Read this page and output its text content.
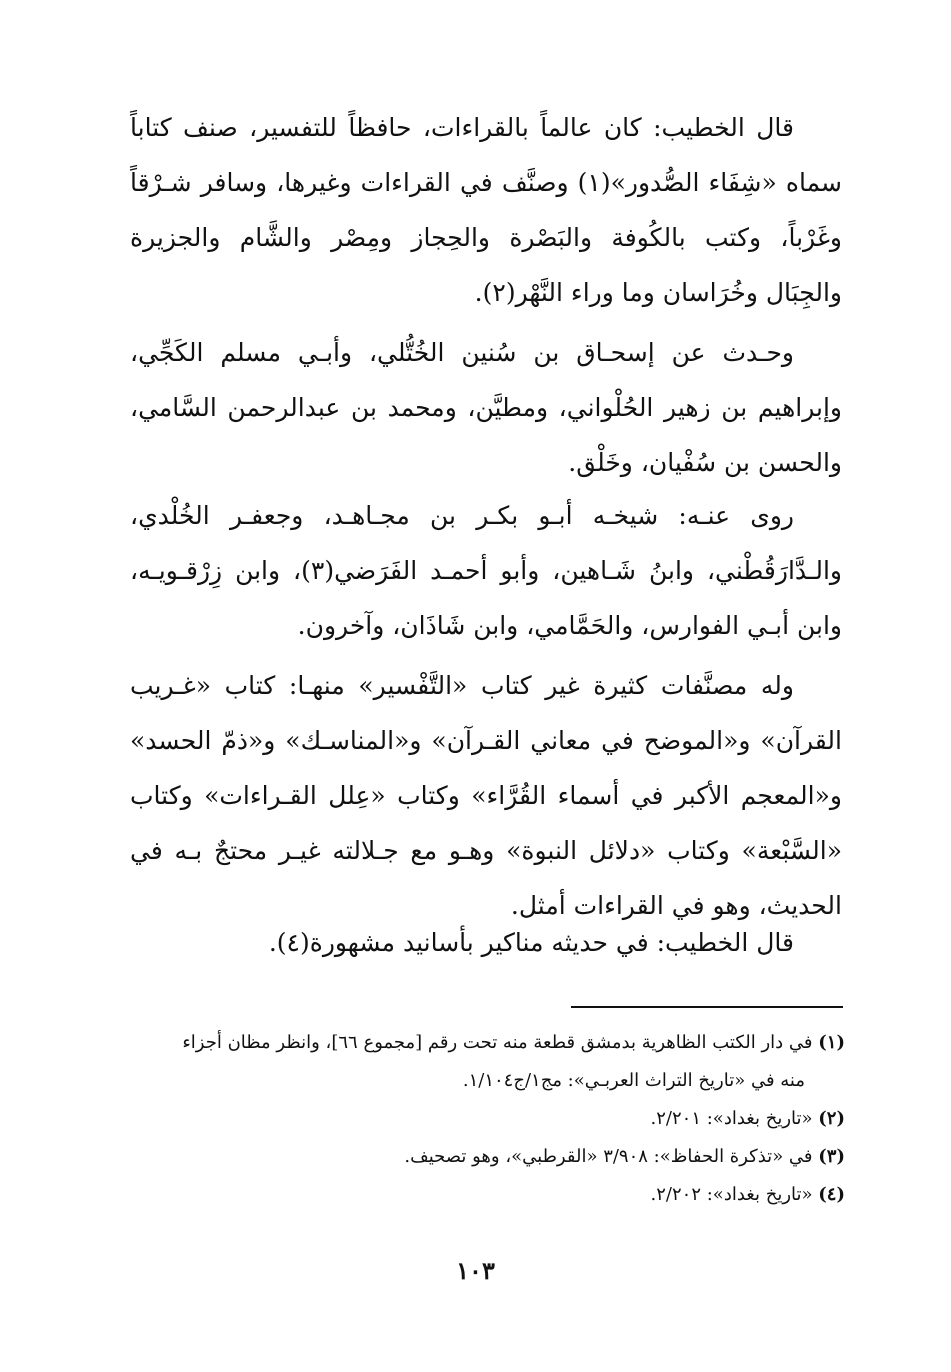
قال الخطيب: كان عالماً بالقراءات، حافظاً للتفسير، صنف كتاباً سماه «شِفَاء الصُّدور»(١) وصنَّف في القراءات وغيرها، وسافر شـرْقاً وغَرْباً، وكتب بالكُوفة والبَصْرة والحِجاز ومِصْر والشَّام والجزيرة والجِبَال وخُرَاسان وما وراء النَّهْر(٢).

وحـدث عن إسحـاق بن سُنين الخُتُّلي، وأبـي مسلم الكَجِّي، وإبراهيم بن زهير الحُلْواني، ومطيَّن، ومحمد بن عبدالرحمن السَّامي، والحسن بن سُفْيان، وخَلْق.

روى عنـه: شيخـه أبـو بكـر بن مجـاهـد، وجعفـر الخُلْدي، والـدَّارَقُطْني، وابنُ شَـاهين، وأبو أحمـد الفَرَضي(٣)، وابن زِرْقـويـه، وابن أبـي الفوارس، والحَمَّامي، وابن شَاذَان، وآخرون.

وله مصنَّفات كثيرة غير كتاب «التَّفْسير» منهـا: كتاب «غـريب القرآن» و«الموضح في معاني القـرآن» و«المناسـك» و«ذمّ الحسد» و«المعجم الأكبر في أسماء القُرَّاء» وكتاب «عِلل القـراءات» وكتاب «السَّبْعة» وكتاب «دلائل النبوة» وهـو مع جـلالته غيـر محتجٌ بـه في الحديث، وهو في القراءات أمثل.

قال الخطيب: في حديثه مناكير بأسانيد مشهورة(٤).

(١) في دار الكتب الظاهرية بدمشق قطعة منه تحت رقم [مجموع ٦٦]، وانظر مظان أجزاء
منه في «تاريخ التراث العربـي»: مج١/ج١/١٠٤.
(٢) «تاريخ بغداد»: ٢/٢٠١.
(٣) في «تذكرة الحفاظ»: ٣/٩٠٨ «القرطبي»، وهو تصحيف.
(٤) «تاريخ بغداد»: ٢/٢٠٢.
١٠٣
